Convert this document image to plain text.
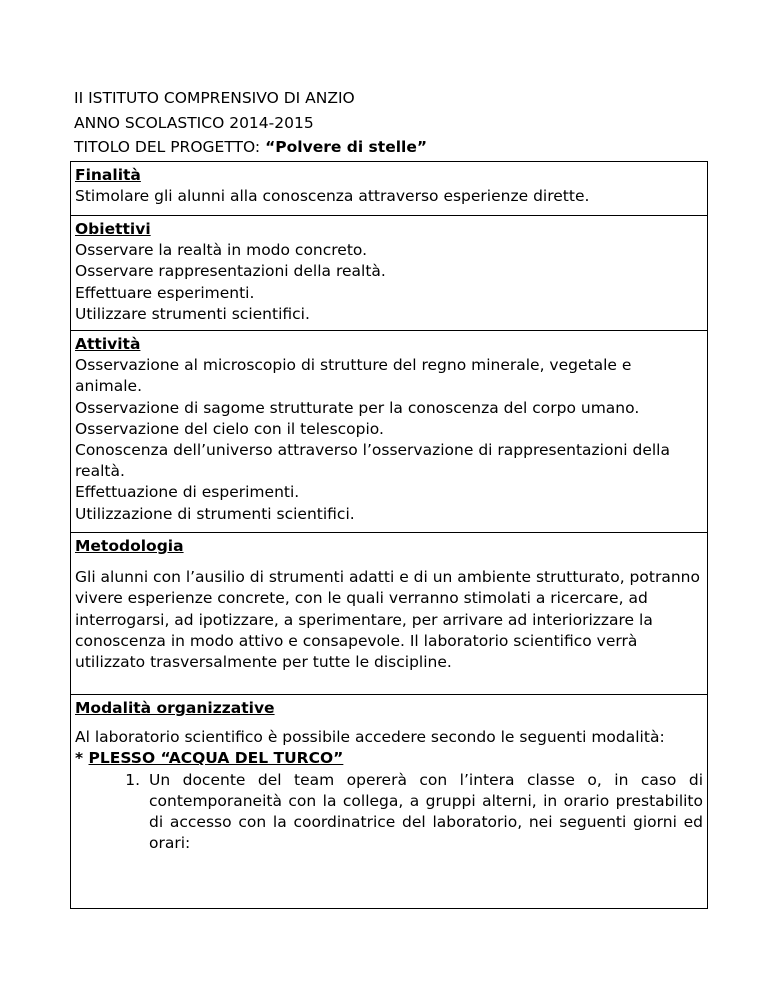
II ISTITUTO COMPRENSIVO DI ANZIO
ANNO SCOLASTICO 2014-2015
TITOLO DEL PROGETTO: “Polvere di stelle”
Finalità
Stimolare gli alunni alla conoscenza attraverso esperienze dirette.

Obiettivi
Osservare la realtà in modo concreto.
Osservare rappresentazioni della realtà.
Effettuare esperimenti.
Utilizzare strumenti scientifici.

Attività
Osservazione al microscopio di strutture del regno minerale, vegetale e animale.
Osservazione di sagome strutturate per la conoscenza del corpo umano.
Osservazione del cielo con il telescopio.
Conoscenza dell’universo attraverso l’osservazione di rappresentazioni della realtà.
Effettuazione di esperimenti.
Utilizzazione di strumenti scientifici.

Metodologia
Gli alunni con l’ausilio di strumenti adatti e di un ambiente strutturato, potranno vivere esperienze concrete, con le quali verranno stimolati a ricercare, ad interrogarsi, ad ipotizzare, a sperimentare, per arrivare ad interiorizzare la conoscenza in modo attivo e consapevole. Il laboratorio scientifico verrà utilizzato trasversalmente per tutte le discipline.

Modalità organizzative
Al laboratorio scientifico è possibile accedere secondo le seguenti modalità:
* PLESSO “ACQUA DEL TURCO”
1. Un docente del team opererà con l’intera classe o, in caso di contemporaneità con la collega, a gruppi alterni, in orario prestabilito di accesso con la coordinatrice del laboratorio, nei seguenti giorni ed orari:
